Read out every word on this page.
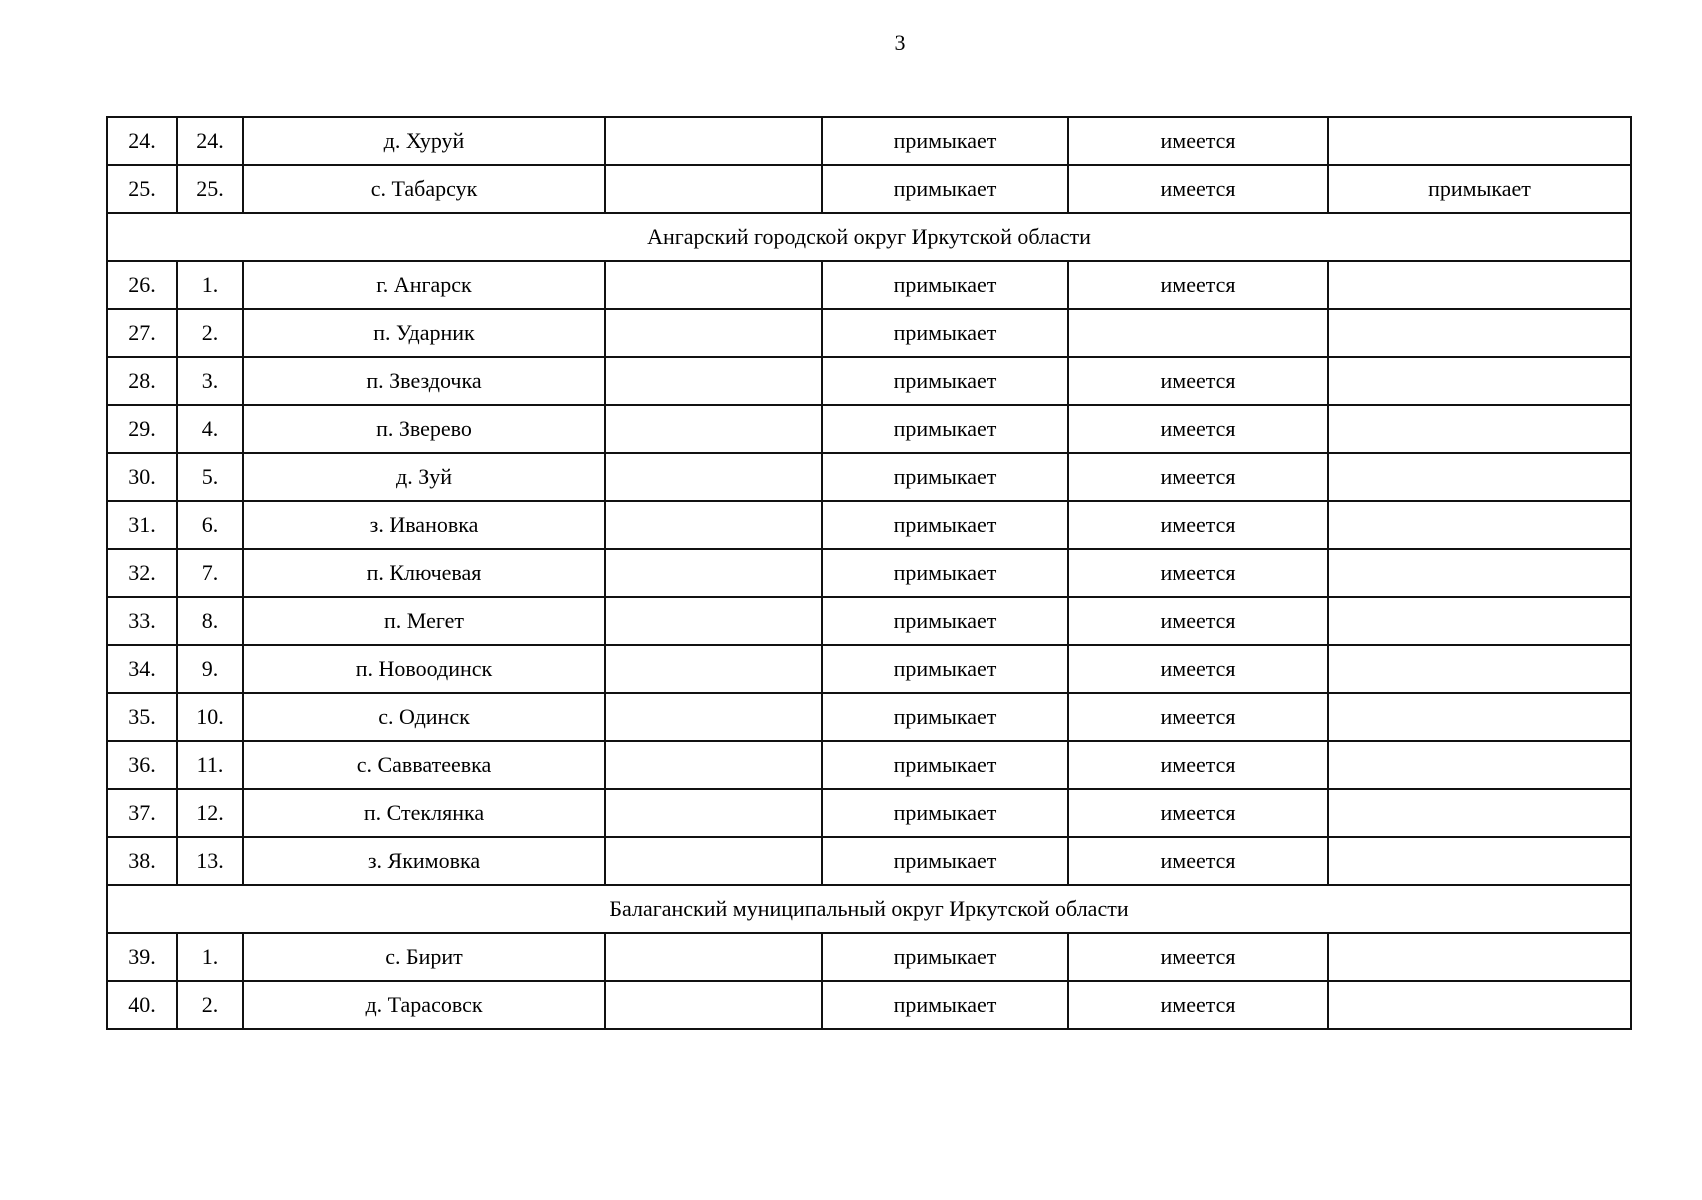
3
24.	24.	д. Хуруй		примыкает	имеется	
25.	25.	с. Табарсук		примыкает	имеется	примыкает
Ангарский городской округ Иркутской области						
26.	1.	г. Ангарск		примыкает	имеется	
27.	2.	п. Ударник		примыкает		
28.	3.	п. Звездочка		примыкает	имеется	
29.	4.	п. Зверево		примыкает	имеется	
30.	5.	д. Зуй		примыкает	имеется	
31.	6.	з. Ивановка		примыкает	имеется	
32.	7.	п. Ключевая		примыкает	имеется	
33.	8.	п. Мегет		примыкает	имеется	
34.	9.	п. Новоодинск		примыкает	имеется	
35.	10.	с. Одинск		примыкает	имеется	
36.	11.	с. Савватеевка		примыкает	имеется	
37.	12.	п. Стеклянка		примыкает	имеется	
38.	13.	з. Якимовка		примыкает	имеется	
Балаганский муниципальный округ Иркутской области						
39.	1.	с. Бирит		примыкает	имеется	
40.	2.	д. Тарасовск		примыкает	имеется	
